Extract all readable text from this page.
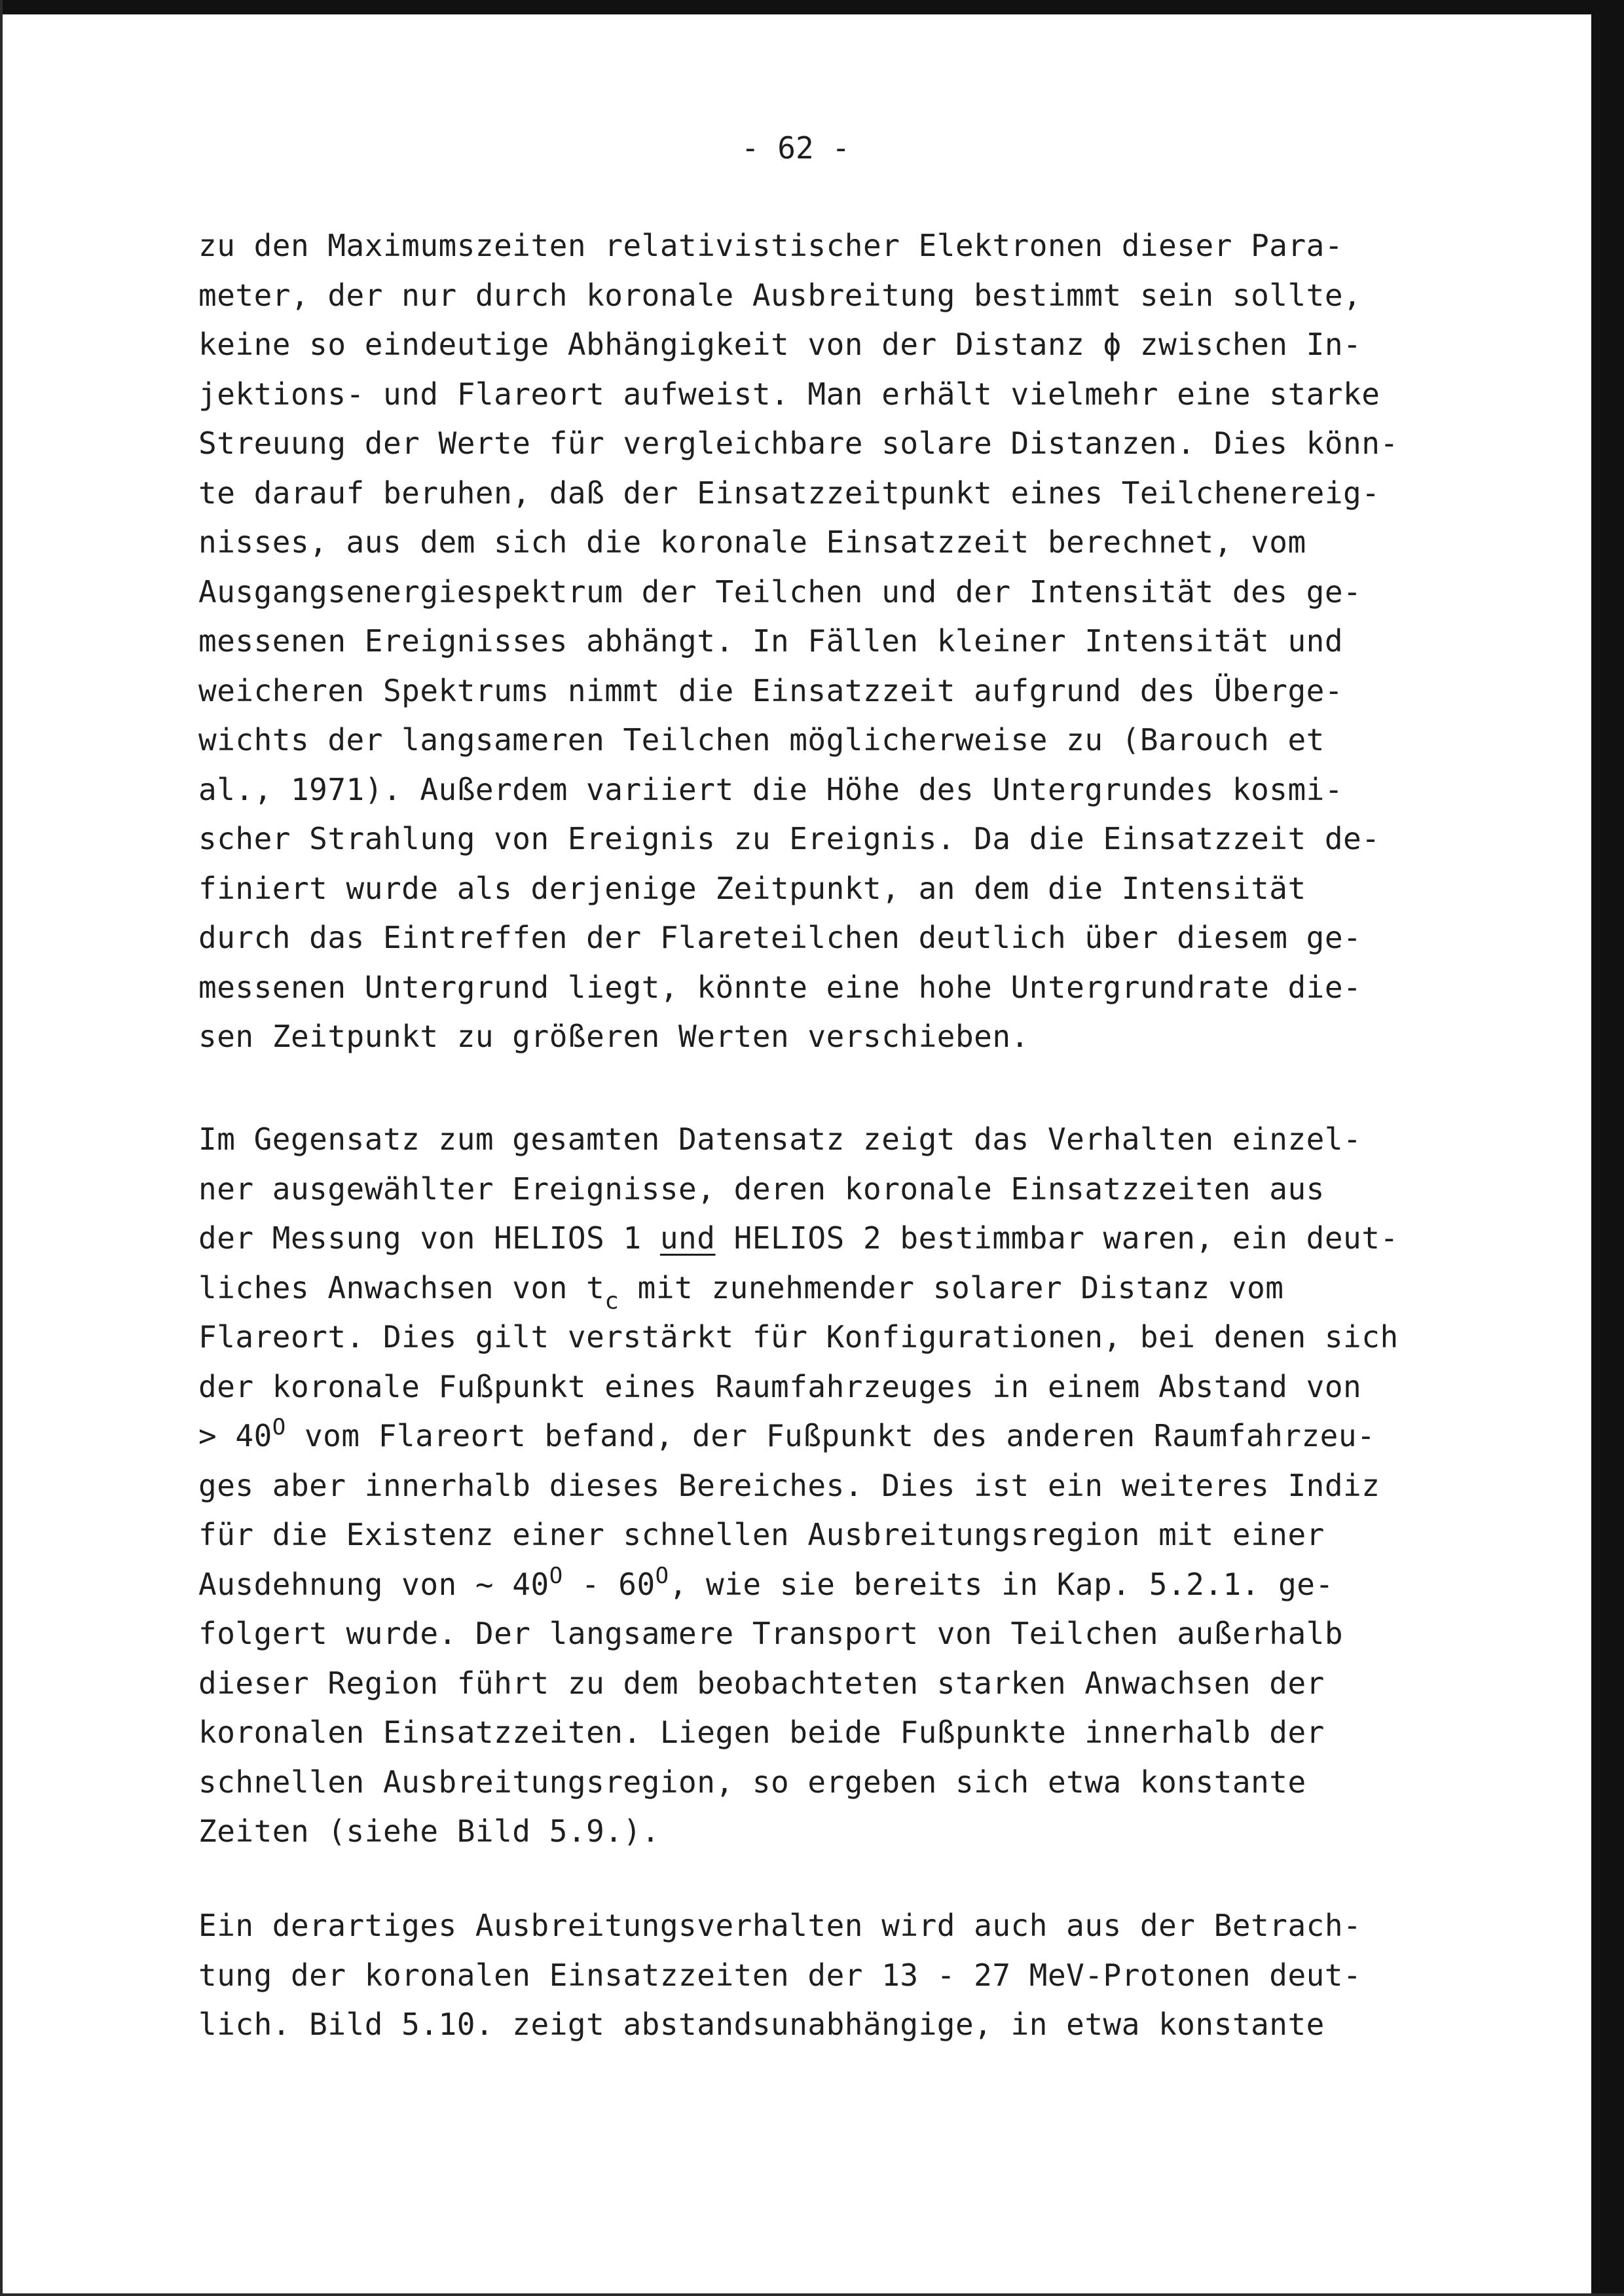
- 62 -
zu den Maximumszeiten relativistischer Elektronen dieser Para-
meter, der nur durch koronale Ausbreitung bestimmt sein sollte,
keine so eindeutige Abhängigkeit von der Distanz ϕ zwischen In-
jektions- und Flareort aufweist. Man erhält vielmehr eine starke
Streuung der Werte für vergleichbare solare Distanzen. Dies könn-
te darauf beruhen, daß der Einsatzzeitpunkt eines Teilchenereig-
nisses, aus dem sich die koronale Einsatzzeit berechnet, vom
Ausgangsenergiespektrum der Teilchen und der Intensität des ge-
messenen Ereignisses abhängt. In Fällen kleiner Intensität und
weicheren Spektrums nimmt die Einsatzzeit aufgrund des Überge-
wichts der langsameren Teilchen möglicherweise zu (Barouch et
al., 1971). Außerdem variiert die Höhe des Untergrundes kosmi-
scher Strahlung von Ereignis zu Ereignis. Da die Einsatzzeit de-
finiert wurde als derjenige Zeitpunkt, an dem die Intensität
durch das Eintreffen der Flareteilchen deutlich über diesem ge-
messenen Untergrund liegt, könnte eine hohe Untergrundrate die-
sen Zeitpunkt zu größeren Werten verschieben.
Im Gegensatz zum gesamten Datensatz zeigt das Verhalten einzel-
ner ausgewählter Ereignisse, deren koronale Einsatzzeiten aus
der Messung von HELIOS 1 und HELIOS 2 bestimmbar waren, ein deut-
liches Anwachsen von $t_c$ mit zunehmender solarer Distanz vom
Flareort. Dies gilt verstärkt für Konfigurationen, bei denen sich
der koronale Fußpunkt eines Raumfahrzeuges in einem Abstand von
> $40^O$ vom Flareort befand, der Fußpunkt des anderen Raumfahrzeu-
ges aber innerhalb dieses Bereiches. Dies ist ein weiteres Indiz
für die Existenz einer schnellen Ausbreitungsregion mit einer
Ausdehnung von ~ $40^O - 60^O$, wie sie bereits in Kap. 5.2.1. ge-
folgert wurde. Der langsamere Transport von Teilchen außerhalb
dieser Region führt zu dem beobachteten starken Anwachsen der
koronalen Einsatzzeiten. Liegen beide Fußpunkte innerhalb der
schnellen Ausbreitungsregion, so ergeben sich etwa konstante
Zeiten (siehe Bild 5.9.).
Ein derartiges Ausbreitungsverhalten wird auch aus der Betrach-
tung der koronalen Einsatzzeiten der 13 - 27 MeV-Protonen deut-
lich. Bild 5.10. zeigt abstandsunabhängige, in etwa konstante
